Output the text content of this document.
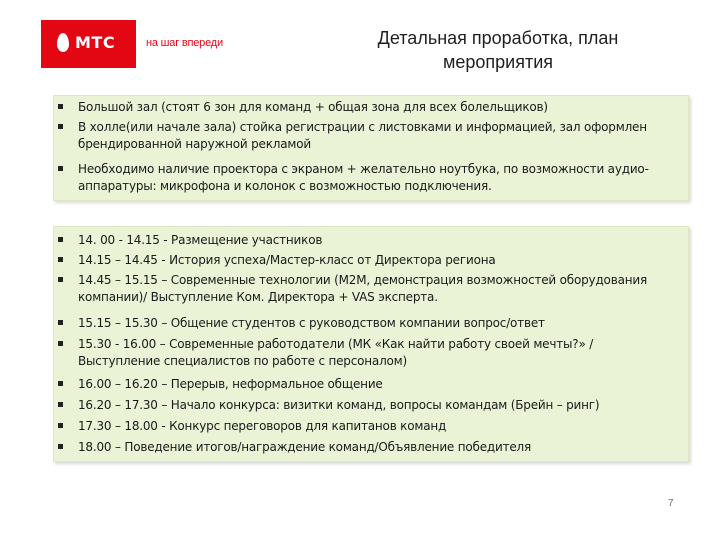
МТС	на шаг впереди	Детальная проработка, план
мероприятия
Большой зал (стоят 6 зон для команд + общая зона для всех болельщиков)
В холле(или начале зала) стойка регистрации с листовками и информацией, зал оформлен
брендированной наружной рекламой
Необходимо наличие проектора с экраном + желательно ноутбука, по возможности аудио-
аппаратуры: микрофона и колонок с возможностью подключения.
14. 00 - 14.15 - Размещение участников
14.15 – 14.45 - История успеха/Мастер-класс от Директора региона
14.45 – 15.15 – Современные технологии (M2M, демонстрация возможностей оборудования
компании)/ Выступление Ком. Директора + VAS эксперта.
15.15 – 15.30 – Общение студентов с руководством компании вопрос/ответ
15.30 - 16.00 – Современные работодатели (МК «Как найти работу своей мечты?» /
Выступление специалистов по работе с персоналом)
16.00 – 16.20 – Перерыв, неформальное общение
16.20 – 17.30 – Начало конкурса: визитки команд, вопросы командам (Брейн – ринг)
17.30 – 18.00 - Конкурс переговоров для капитанов команд
18.00 – Поведение итогов/награждение команд/Объявление победителя
7
